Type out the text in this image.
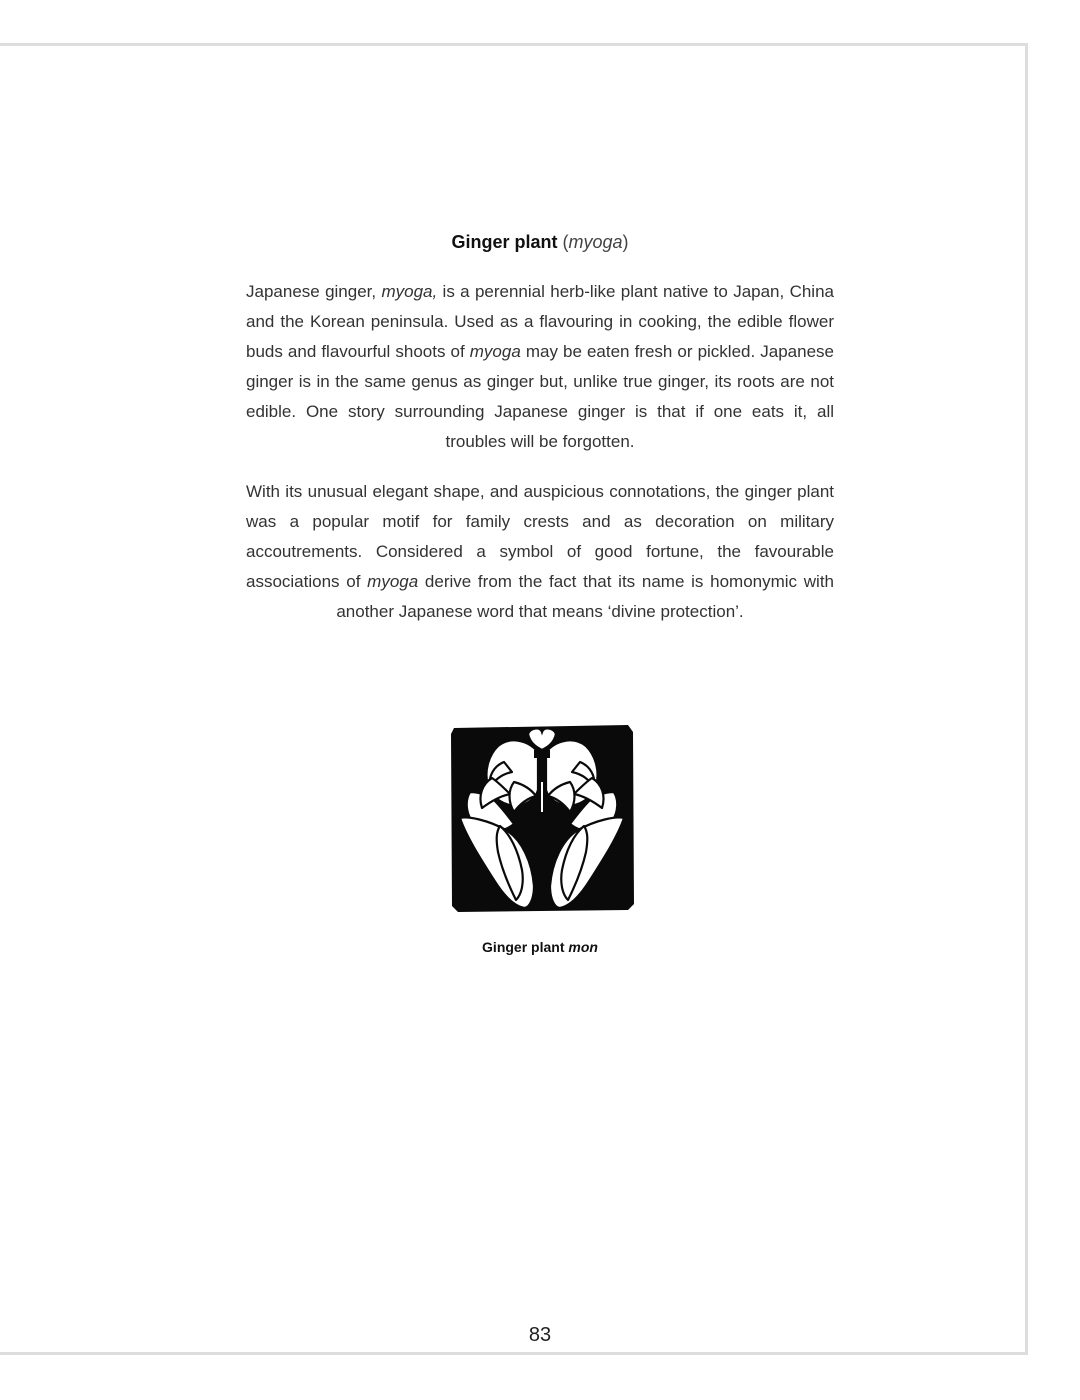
Ginger plant (myoga)

Japanese ginger, myoga, is a perennial herb-like plant native to Japan, China and the Korean peninsula. Used as a flavouring in cooking, the edible flower buds and flavourful shoots of myoga may be eaten fresh or pickled. Japanese ginger is in the same genus as ginger but, unlike true ginger, its roots are not edible. One story surrounding Japanese ginger is that if one eats it, all troubles will be forgotten.

With its unusual elegant shape, and auspicious connotations, the ginger plant was a popular motif for family crests and as decoration on military accoutrements. Considered a symbol of good fortune, the favourable associations of myoga derive from the fact that its name is homonymic with another Japanese word that means ‘divine protection’.

Ginger plant mon
83
